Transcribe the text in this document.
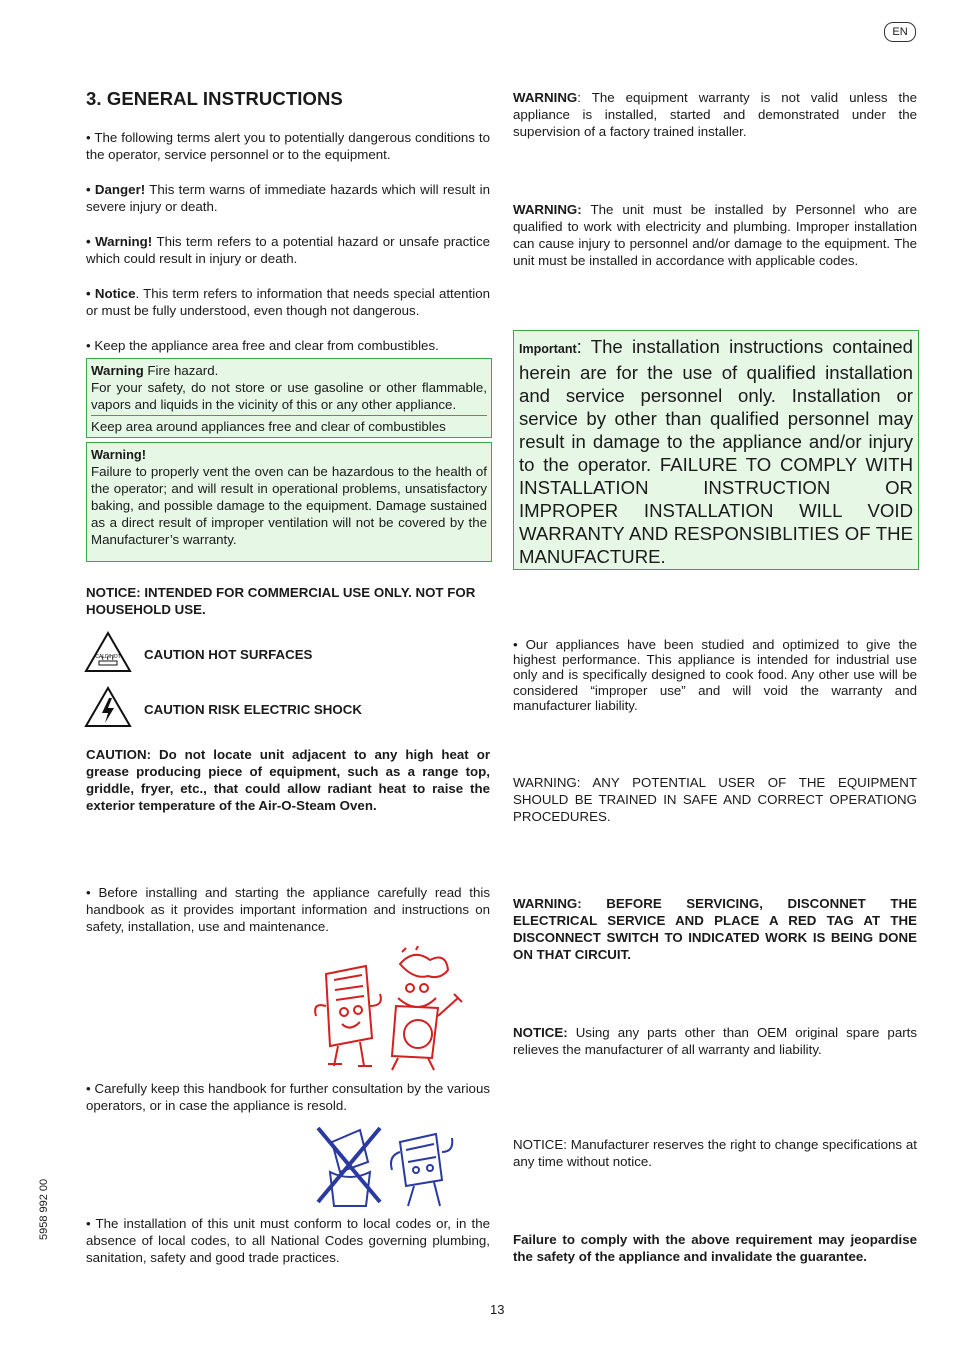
EN
3. GENERAL INSTRUCTIONS

• The following terms alert you to potentially dangerous conditions to the operator, service personnel or to the equipment.

• Danger! This term warns of immediate hazards which will result in severe injury or death.

• Warning! This term refers to a potential hazard or unsafe practice which could result in injury or death.

• Notice. This term refers to information that needs special attention or must be fully understood, even though not dangerous.

• Keep the appliance area free and clear from combustibles.

Warning Fire hazard.

For your safety, do not store or use gasoline or other flammable, vapors and liquids in the vicinity of this or any other appliance.

Keep area around appliances free and clear of combustibles

Warning!

Failure to properly vent the oven can be hazardous to the health of the operator; and will result in operational problems, unsatisfactory baking, and possible damage to the equipment. Damage sustained as a direct result of improper ventilation will not be covered by the Manufacturer’s warranty.

NOTICE: INTENDED FOR COMMERCIAL USE ONLY. NOT FOR HOUSEHOLD USE.

CALD/HOT CAUTION HOT SURFACES
CAUTION RISK ELECTRIC SHOCK

CAUTION: Do not locate unit adjacent to any high heat or grease producing piece of equipment, such as a range top, griddle, fryer, etc., that could allow radiant heat to raise the exterior temperature of the Air-O-Steam Oven.

• Before installing and starting the appliance carefully read this handbook as it provides important information and instructions on safety, installation, use and maintenance.

• Carefully keep this handbook for further consultation by the various operators, or in case the appliance is resold.

• The installation of this unit must conform to local codes or, in the absence of local codes, to all National Codes governing plumbing, sanitation, safety and good trade practices.

WARNING: The equipment warranty is not valid unless the appliance is installed, started and demonstrated under the supervision of a factory trained installer.

WARNING: The unit must be installed by Personnel who are qualified to work with electricity and plumbing. Improper installation can cause injury to personnel and/or damage to the equipment. The unit must be installed in accordance with applicable codes.

Important: The installation instructions contained herein are for the use of qualified installation and service personnel only. Installation or service by other than qualified personnel may result in damage to the appliance and/or injury to the operator. FAILURE TO COMPLY WITH INSTALLATION INSTRUCTION OR IMPROPER INSTALLATION WILL VOID WARRANTY AND RESPONSIBLITIES OF THE MANUFACTURE.

• Our appliances have been studied and optimized to give the highest performance. This appliance is intended for industrial use only and is specifically designed to cook food. Any other use will be considered “improper use” and will void the warranty and manufacturer liability.

WARNING: ANY POTENTIAL USER OF THE EQUIPMENT SHOULD BE TRAINED IN SAFE AND CORRECT OPERATIONG PROCEDURES.

WARNING: BEFORE SERVICING, DISCONNET THE ELECTRICAL SERVICE AND PLACE A RED TAG AT THE DISCONNECT SWITCH TO INDICATED WORK IS BEING DONE ON THAT CIRCUIT.

NOTICE: Using any parts other than OEM original spare parts relieves the manufacturer of all warranty and liability.

NOTICE: Manufacturer reserves the right to change specifications at any time without notice.

Failure to comply with the above requirement may jeopardise the safety of the appliance and invalidate the guarantee.

13
5958 992 00
